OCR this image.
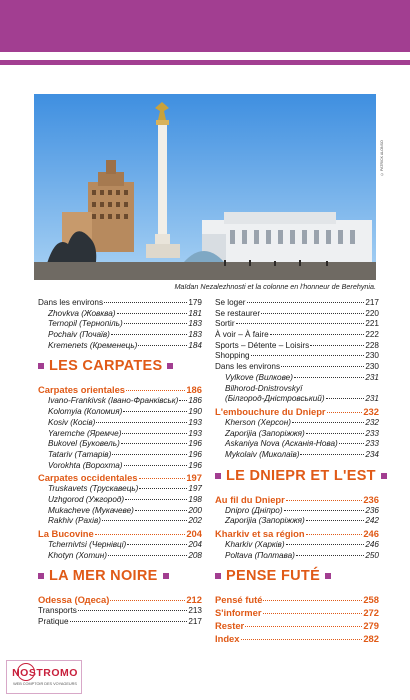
© PATRICK ALONSO
Maïdan Nezalezhnosti et la colonne en l'honneur de Berehynia.
Dans les environs	179
Zhovkva (Жовква)	181
Ternopil (Тернопіль)	183
Pochaiv (Почаїв)	183
Kremenets (Кременець)	184
LES CARPATES
Carpates orientales	186
Ivano-Frankivsk (Івано-Франківськ) 186
Kolomyia (Коломия)	190
Kosiv (Косів)	193
Yaremche (Яремче)	193
Bukovel (Буковель)	196
Tatariv (Татарів)	196
Vorokhta (Ворохта)	196
Carpates occidentales	197
Truskavets (Трускавець)	197
Uzhgorod (Ужгород)	198
Mukacheve (Мукачеве)	200
Rakhiv (Рахів)	202
La Bucovine	204
Tchernivtsi (Чернівці)	204
Khotyn (Хотин)	208
LA MER NOIRE
Odessa (Одеса)	212
Transports	213
Pratique	217
Se loger	217
Se restaurer	220
Sortir	221
À voir – À faire	222
Sports – Détente – Loisirs	228
Shopping	230
Dans les environs	230
Vylkove (Вилкове)	231
Bilhorod-Dnistrovskyï
(Білгород-Дністровський)	231
L'embouchure du Dniepr	232
Kherson (Херсон)	232
Zaporijia (Запоріжжя)	233
Askaniya Nova (Асканія-Нова)	233
Mykolaiv (Миколаїв)	234
LE DNIEPR ET L'EST
Au fil du Dniepr	236
Dnipro (Дніпро)	236
Zaporijia (Запоріжжя)	242
Kharkiv et sa région	246
Kharkiv (Харків)	246
Poltava (Полтава)	250
PENSE FUTÉ
Pensé futé	258
S'informer	272
Rester	279
Index	282
NOSTROMO
WEB COMPTOIR DES VOYAGEURS
